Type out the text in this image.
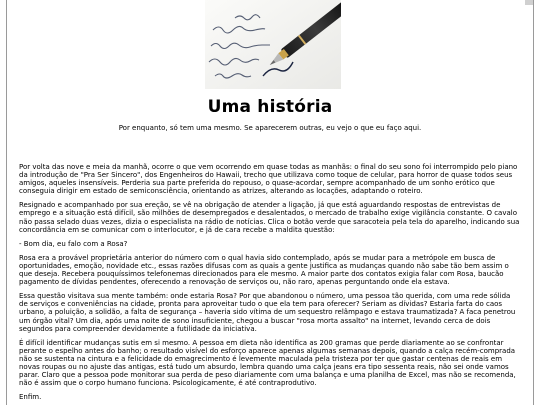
Uma história
Por enquanto, só tem uma mesmo. Se aparecerem outras, eu vejo o que eu faço aqui.

Por volta das nove e meia da manhã, ocorre o que vem ocorrendo em quase todas as manhãs: o final do seu sono foi interrompido pelo piano da introdução de "Pra Ser Sincero", dos Engenheiros do Hawaii, trecho que utilizava como toque de celular, para horror de quase todos seus amigos, aqueles insensíveis. Perderia sua parte preferida do repouso, o quase-acordar, sempre acompanhado de um sonho erótico que conseguia dirigir em estado de semiconsciência, orientando as atrizes, alterando as locações, adaptando o roteiro.

Resignado e acompanhado por sua ereção, se vê na obrigação de atender a ligação, já que está aguardando respostas de entrevistas de emprego e a situação está difícil, são milhões de desempregados e desalentados, o mercado de trabalho exige vigilância constante. O cavalo não passa selado duas vezes, dizia o especialista na rádio de notícias. Clica o botão verde que saracoteia pela tela do aparelho, indicando sua concordância em se comunicar com o interlocutor, e já de cara recebe a maldita questão:

- Bom dia, eu falo com a Rosa?

Rosa era a provável proprietária anterior do número com o qual havia sido contemplado, após se mudar para a metrópole em busca de oportunidades, emoção, novidade etc., essas razões difusas com as quais a gente justifica as mudanças quando não sabe tão bem assim o que deseja. Recebera pouquíssimos telefonemas direcionados para ele mesmo. A maior parte dos contatos exigia falar com Rosa, baucão pagamento de dívidas pendentes, oferecendo a renovação de serviços ou, não raro, apenas perguntando onde ela estava.

Essa questão visitava sua mente também: onde estaria Rosa? Por que abandonou o número, uma pessoa tão querida, com uma rede sólida de serviços e conveniências na cidade, pronta para aproveitar tudo o que ela tem para oferecer? Seriam as dívidas? Estaria farta do caos urbano, a poluição, a solidão, a falta de segurança – haveria sido vítima de um sequestro relâmpago e estava traumatizada? A faca penetrou um órgão vital? Um dia, após uma noite de sono insuficiente, chegou a buscar "rosa morta assalto" na internet, levando cerca de dois segundos para compreender devidamente a futilidade da iniciativa.

É difícil identificar mudanças sutis em si mesmo. A pessoa em dieta não identifica as 200 gramas que perde diariamente ao se confrontar perante o espelho antes do banho; o resultado visível do esforço aparece apenas algumas semanas depois, quando a calça recém-comprada não se sustenta na cintura e a felicidade do emagrecimento é levemente maculada pela tristeza por ter que gastar centenas de reais em novas roupas ou no ajuste das antigas, está tudo um absurdo, lembra quando uma calça jeans era tipo sessenta reais, não sei onde vamos parar. Claro que a pessoa pode monitorar sua perda de peso diariamente com uma balança e uma planilha de Excel, mas não se recomenda, não é assim que o corpo humano funciona. Psicologicamente, é até contraprodutivo.

Enfim.
